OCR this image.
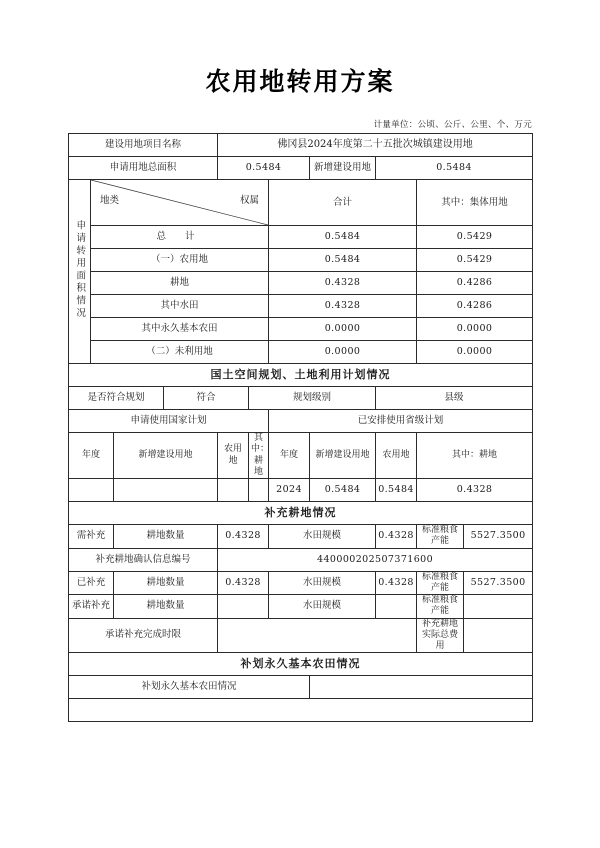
农用地转用方案
计量单位：公顷、公斤、公里、个、万元
建设用地项目名称				佛冈县2024年度第二十五批次城镇建设用地						
申请用地总面积				0.5484			新增建设用地	0.5484		
申请转用面积情况	地类 权属					合计			其中：集体用地	
	总 计					0.5484			0.5429	
	（一）农用地					0.5484			0.5429	
	耕地					0.4328			0.4286	
	其中水田					0.4328			0.4286	
	其中永久基本农田					0.0000			0.0000	
	（二）未利用地					0.0000			0.0000	
国土空间规划、土地利用计划情况										
是否符合规划			符合		规划级别			县级		
申请使用国家计划						已安排使用省级计划				
年度		新增建设用地		农用地	其中：耕地	年度	新增建设用地	农用地	其中：耕地	
						2024	0.5484	0.5484	0.4328	
补充耕地情况										
需补充		耕地数量		0.4328		水田规模		0.4328	标准粮食产能	5527.3500
补充耕地确认信息编号				440000202507371600						
已补充		耕地数量		0.4328		水田规模		0.4328	标准粮食产能	5527.3500
承诺补充		耕地数量				水田规模			标准粮食产能	
承诺补充完成时限									补充耕地实际总费用	
补划永久基本农田情况										
补划永久基本农田情况										
